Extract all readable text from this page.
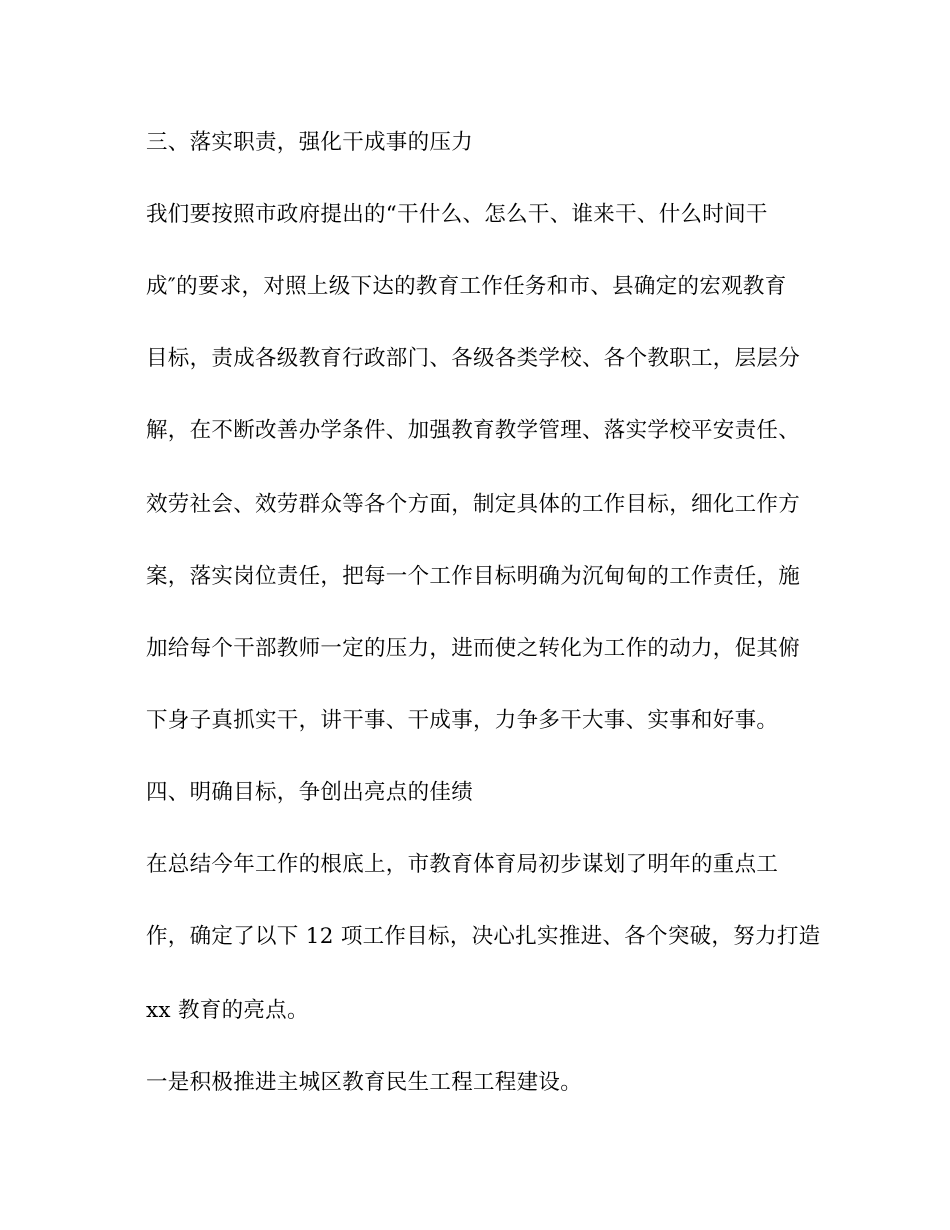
三、落实职责，强化干成事的压力
我们要按照市政府提出的“干什么、怎么干、谁来干、什么时间干
成″的要求，对照上级下达的教育工作任务和市、县确定的宏观教育
目标，责成各级教育行政部门、各级各类学校、各个教职工，层层分
解，在不断改善办学条件、加强教育教学管理、落实学校平安责任、
效劳社会、效劳群众等各个方面，制定具体的工作目标，细化工作方
案，落实岗位责任，把每一个工作目标明确为沉甸甸的工作责任，施
加给每个干部教师一定的压力，进而使之转化为工作的动力，促其俯
下身子真抓实干，讲干事、干成事，力争多干大事、实事和好事。
四、明确目标，争创出亮点的佳绩
在总结今年工作的根底上，市教育体育局初步谋划了明年的重点工
作，确定了以下 12 项工作目标，决心扎实推进、各个突破，努力打造
xx 教育的亮点。
一是积极推进主城区教育民生工程工程建设。
